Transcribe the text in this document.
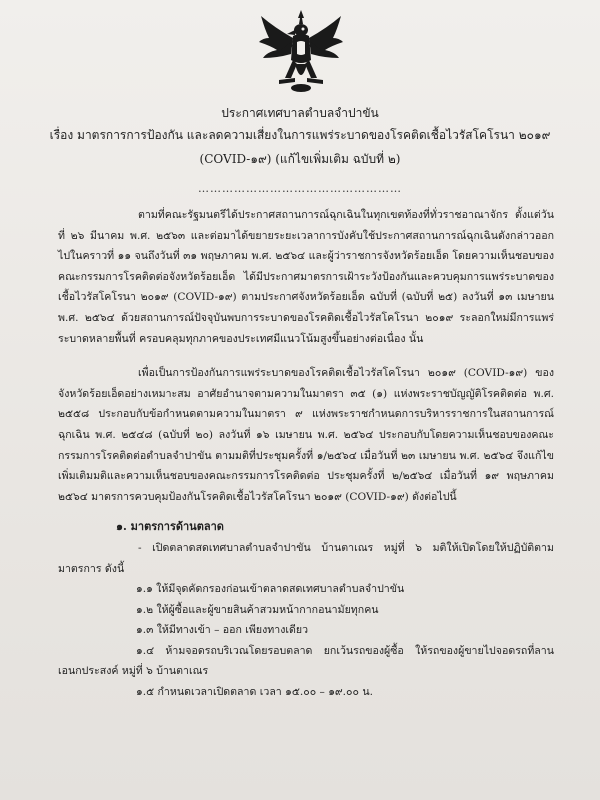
ประกาศเทศบาลตำบลจำปาขัน
เรื่อง มาตรการการป้องกัน และลดความเสี่ยงในการแพร่ระบาดของโรคติดเชื้อไวรัสโคโรนา ๒๐๑๙
(COVID-๑๙) (แก้ไขเพิ่มเติม ฉบับที่ ๒)
……………………………………………
ตามที่คณะรัฐมนตรีได้ประกาศสถานการณ์ฉุกเฉินในทุกเขตท้องที่ทั่วราชอาณาจักร ตั้งแต่วันที่ ๒๖ มีนาคม พ.ศ. ๒๕๖๓ และต่อมาได้ขยายระยะเวลาการบังคับใช้ประกาศสถานการณ์ฉุกเฉินดังกล่าวออกไปในคราวที่ ๑๑ จนถึงวันที่ ๓๑ พฤษภาคม พ.ศ. ๒๕๖๔ และผู้ว่าราชการจังหวัดร้อยเอ็ด โดยความเห็นชอบของคณะกรรมการโรคติดต่อจังหวัดร้อยเอ็ด ได้มีประกาศมาตรการเฝ้าระวังป้องกันและควบคุมการแพร่ระบาดของเชื้อไวรัสโคโรนา ๒๐๑๙ (COVID-๑๙) ตามประกาศจังหวัดร้อยเอ็ด ฉบับที่ (ฉบับที่ ๒๕) ลงวันที่ ๑๓ เมษายน พ.ศ. ๒๕๖๔ ด้วยสถานการณ์ปัจจุบันพบการระบาดของโรคติดเชื้อไวรัสโคโรนา ๒๐๑๙ ระลอกใหม่มีการแพร่ระบาดหลายพื้นที่ ครอบคลุมทุกภาคของประเทศมีแนวโน้มสูงขึ้นอย่างต่อเนื่อง นั้น
เพื่อเป็นการป้องกันการแพร่ระบาดของโรคติดเชื้อไวรัสโคโรนา ๒๐๑๙ (COVID-๑๙) ของจังหวัดร้อยเอ็ดอย่างเหมาะสม อาศัยอำนาจตามความในมาตรา ๓๕ (๑) แห่งพระราชบัญญัติโรคติดต่อ พ.ศ. ๒๕๕๘ ประกอบกับข้อกำหนดตามความในมาตรา ๙ แห่งพระราชกำหนดการบริหารราชการในสถานการณ์ฉุกเฉิน พ.ศ. ๒๕๔๘ (ฉบับที่ ๒๐) ลงวันที่ ๑๖ เมษายน พ.ศ. ๒๕๖๔ ประกอบกับโดยความเห็นชอบของคณะกรรมการโรคติดต่อตำบลจำปาขัน ตามมติที่ประชุมครั้งที่ ๑/๒๕๖๔ เมื่อวันที่ ๒๓ เมษายน พ.ศ. ๒๕๖๔ จึงแก้ไขเพิ่มเติมมติและความเห็นชอบของคณะกรรมการโรคติดต่อ ประชุมครั้งที่ ๒/๒๕๖๔ เมื่อวันที่ ๑๙ พฤษภาคม ๒๕๖๔ มาตรการควบคุมป้องกันโรคติดเชื้อไวรัสโคโรนา ๒๐๑๙ (COVID-๑๙) ดังต่อไปนี้
๑. มาตรการด้านตลาด
- เปิดตลาดสดเทศบาลตำบลจำปาขัน บ้านตาเณร หมู่ที่ ๖ มติให้เปิดโดยให้ปฏิบัติตามมาตรการ ดังนี้
๑.๑ ให้มีจุดคัดกรองก่อนเข้าตลาดสดเทศบาลตำบลจำปาขัน
๑.๒ ให้ผู้ซื้อและผู้ขายสินค้าสวมหน้ากากอนามัยทุกคน
๑.๓ ให้มีทางเข้า – ออก เพียงทางเดียว
๑.๔ ห้ามจอดรถบริเวณโดยรอบตลาด ยกเว้นรถของผู้ซื้อ ให้รถของผู้ขายไปจอดรถที่ลานเอนกประสงค์ หมู่ที่ ๖ บ้านตาเณร
๑.๕ กำหนดเวลาเปิดตลาด เวลา ๑๕.๐๐ – ๑๙.๐๐ น.
